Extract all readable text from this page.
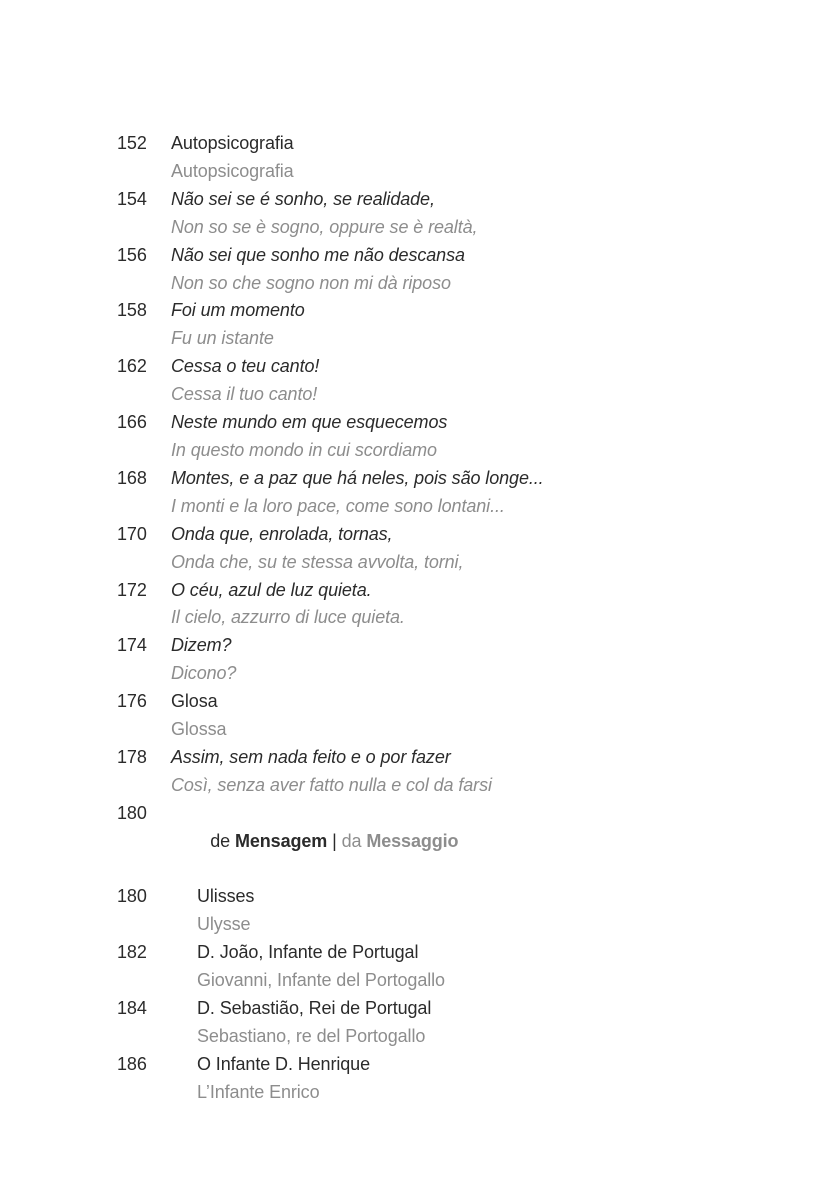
152	Autopsicografia
Autopsicografia
154	Não sei se é sonho, se realidade,
Non so se è sogno, oppure se è realtà,
156	Não sei que sonho me não descansa
Non so che sogno non mi dà riposo
158	Foi um momento
Fu un istante
162	Cessa o teu canto!
Cessa il tuo canto!
166	Neste mundo em que esquecemos
In questo mondo in cui scordiamo
168	Montes, e a paz que há neles, pois são longe...
I monti e la loro pace, come sono lontani...
170	Onda que, enrolada, tornas,
Onda che, su te stessa avvolta, torni,
172	O céu, azul de luz quieta.
Il cielo, azzurro di luce quieta.
174	Dizem?
Dicono?
176	Glosa
Glossa
178	Assim, sem nada feito e o por fazer
Così, senza aver fatto nulla e col da farsi
180

de Mensagem | da Messaggio

180	Ulisses
Ulysse
182	D. João, Infante de Portugal
Giovanni, Infante del Portogallo
184	D. Sebastião, Rei de Portugal
Sebastiano, re del Portogallo
186	O Infante D. Henrique
L’Infante Enrico
